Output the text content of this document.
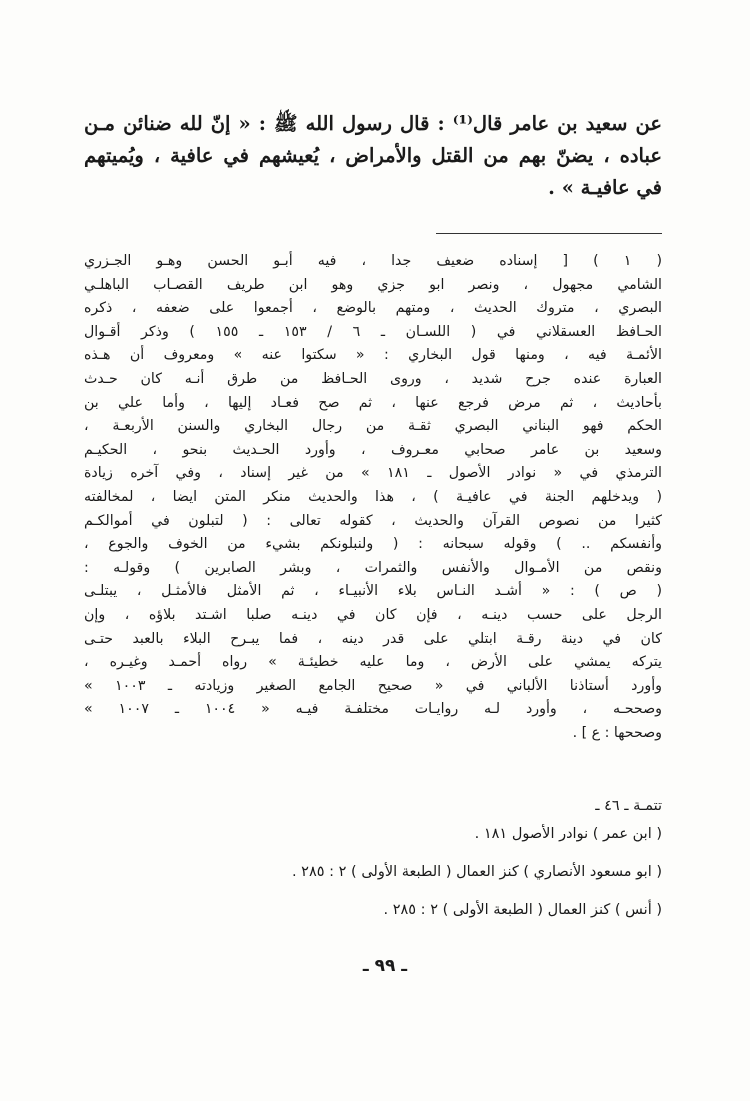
عن سعيد بن عامر قال⁽¹⁾ : قال رسول الله ﷺ : « إنّ لله ضنائن مـن
عباده ، يضنّ بهم من القتل والأمراض ، يُعيشهم في عافية ، ويُميتهم
في عافيـة » .
( ١ ) [ إسناده ضعيف جدا ، فيه أبـو الحسن وهـو الجـزري
الشامي مجهول ، ونصر ابو جزي وهو ابن طريف القصـاب الباهلـي
البصري ، متروك الحديث ، ومتهم بالوضع ، أجمعوا على ضعفه ، ذكره
الحـافظ العسقلاني في ( اللسـان ـ ٦ / ١٥٣ ـ ١٥٥ ) وذكر أقـوال
الأئمـة فيه ، ومنها قول البخاري : « سكتوا عنه » ومعروف أن هـذه
العبارة عنده جرح شديد ، وروى الحـافظ من طرق أنـه كان حـدث
بأحاديث ، ثم مرض فرجع عنها ، ثم صح فعـاد إليها ، وأما علي بن
الحكم فهو البناني البصري ثقـة من رجال البخاري والسنن الأربعـة ،
وسعيد بن عامر صحابي معـروف ، وأورد الحـديث بنحو ، الحكيـم
الترمذي في « نوادر الأصول ـ ١٨١ » من غير إسناد ، وفي آخره زيادة
( ويدخلهم الجنة في عافيـة ) ، هذا والحديث منكر المتن ايضا ، لمخالفته
كثيرا من نصوص القرآن والحديث ، كقوله تعالى : ( لتبلون في أموالكـم
وأنفسكم .. ) وقوله سبحانه : ( ولنبلونكم بشيء من الخوف والجوع ،
ونقص من الأمـوال والأنفس والثمرات ، وبشر الصابرين ) وقولـه :
( ص ) : « أشـد النـاس بلاء الأنبيـاء ، ثم الأمثل فالأمثـل ، يبتلـى
الرجل على حسب دينـه ، فإن كان في دينـه صلبا اشـتد بلاؤه ، وإن
كان في دينة رقـة ابتلي على قدر دينه ، فما يبـرح البلاء بالعبد حتـى
يتركه يمشي على الأرض ، وما عليه خطيئـة » رواه أحمـد وغيـره ،
وأورد أستاذنا الألباني في « صحيح الجامع الصغير وزيادته ـ ١٠٠٣ »
وصححـه ، وأورد لـه روايـات مختلفـة فيـه « ١٠٠٤ ـ ١٠٠٧ »
وصححها : ع ] .
تتمـة ـ ٤٦ ـ
( ابن عمر ) نوادر الأصول ١٨١ .
( ابو مسعود الأنصاري ) كنز العمال ( الطبعة الأولى ) ٢ : ٢٨٥ .
( أنس ) كنز العمال ( الطبعة الأولى ) ٢ : ٢٨٥ .
ـ ٩٩ ـ
